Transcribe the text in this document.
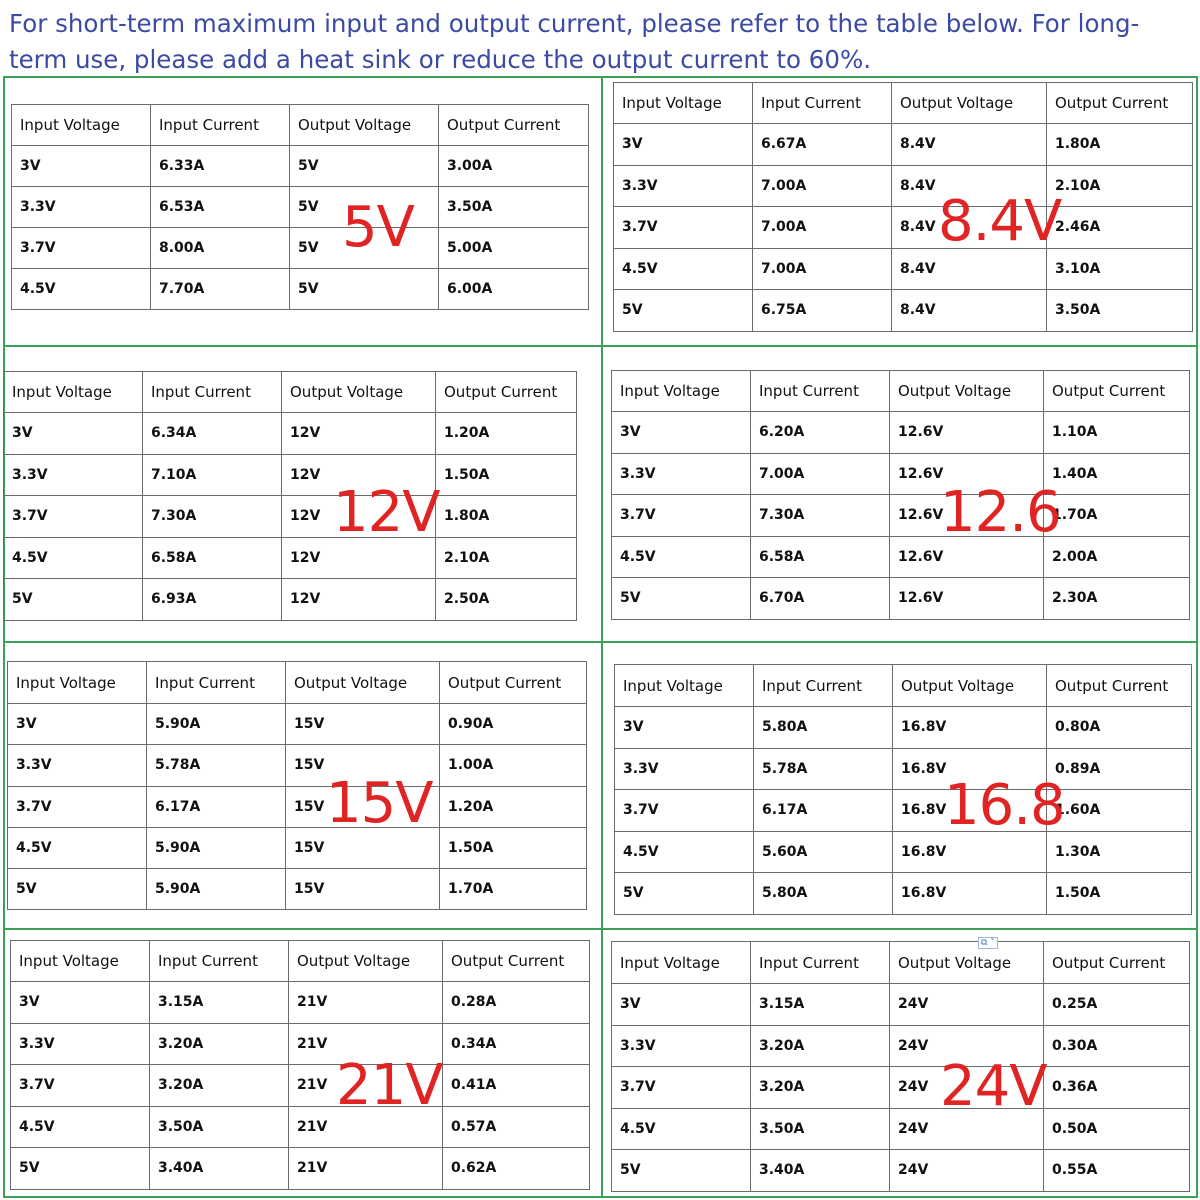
For short-term maximum input and output current, please refer to the table below. For long-term use, please add a heat sink or reduce the output current to 60%.

Input Voltage	Input Current	Output Voltage	Output Current
3V	6.33A	5V	3.00A
3.3V	6.53A	5V	3.50A
3.7V	8.00A	5V	5.00A
4.5V	7.70A	5V	6.00A
5V
Input Voltage	Input Current	Output Voltage	Output Current
3V	6.67A	8.4V	1.80A
3.3V	7.00A	8.4V	2.10A
3.7V	7.00A	8.4V	2.46A
4.5V	7.00A	8.4V	3.10A
5V	6.75A	8.4V	3.50A
8.4V
Input Voltage	Input Current	Output Voltage	Output Current
3V	6.34A	12V	1.20A
3.3V	7.10A	12V	1.50A
3.7V	7.30A	12V	1.80A
4.5V	6.58A	12V	2.10A
5V	6.93A	12V	2.50A
12V
Input Voltage	Input Current	Output Voltage	Output Current
3V	6.20A	12.6V	1.10A
3.3V	7.00A	12.6V	1.40A
3.7V	7.30A	12.6V	1.70A
4.5V	6.58A	12.6V	2.00A
5V	6.70A	12.6V	2.30A
12.6
Input Voltage	Input Current	Output Voltage	Output Current
3V	5.90A	15V	0.90A
3.3V	5.78A	15V	1.00A
3.7V	6.17A	15V	1.20A
4.5V	5.90A	15V	1.50A
5V	5.90A	15V	1.70A
15V
Input Voltage	Input Current	Output Voltage	Output Current
3V	5.80A	16.8V	0.80A
3.3V	5.78A	16.8V	0.89A
3.7V	6.17A	16.8V	1.60A
4.5V	5.60A	16.8V	1.30A
5V	5.80A	16.8V	1.50A
16.8
Input Voltage	Input Current	Output Voltage	Output Current
3V	3.15A	21V	0.28A
3.3V	3.20A	21V	0.34A
3.7V	3.20A	21V	0.41A
4.5V	3.50A	21V	0.57A
5V	3.40A	21V	0.62A
21V
Input Voltage	Input Current	Output Voltage	Output Current
3V	3.15A	24V	0.25A
3.3V	3.20A	24V	0.30A
3.7V	3.20A	24V	0.36A
4.5V	3.50A	24V	0.50A
5V	3.40A	24V	0.55A
24V
⧉ ˅
